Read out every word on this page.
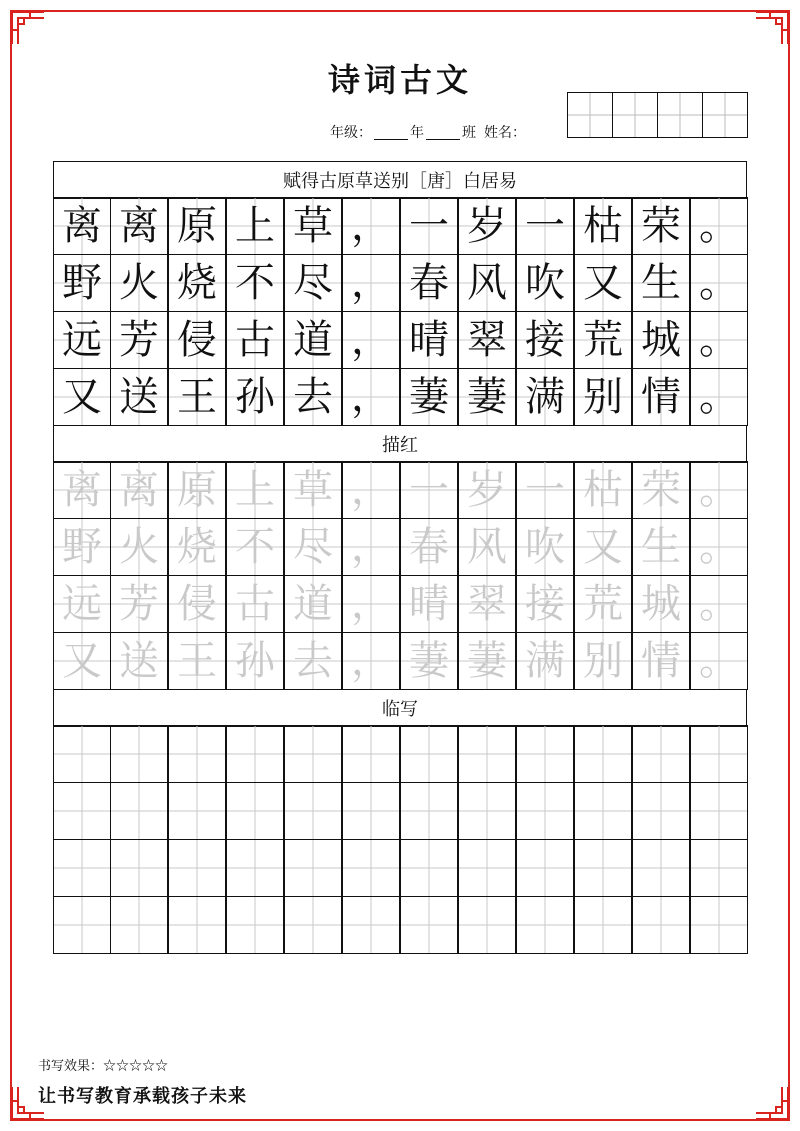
诗词古文
年级：	年	班 姓名：
赋得古原草送别［唐］白居易
离 离 原 上 草 ， 一 岁 一 枯 荣 。
野 火 烧 不 尽 ， 春 风 吹 又 生 。
远 芳 侵 古 道 ， 晴 翠 接 荒 城 。
又 送 王 孙 去 ， 萋 萋 满 别 情 。
描红
离 离 原 上 草 ， 一 岁 一 枯 荣 。
野 火 烧 不 尽 ， 春 风 吹 又 生 。
远 芳 侵 古 道 ， 晴 翠 接 荒 城 。
又 送 王 孙 去 ， 萋 萋 满 别 情 。
临写
书写效果：☆☆☆☆☆
让书写教育承载孩子未来
